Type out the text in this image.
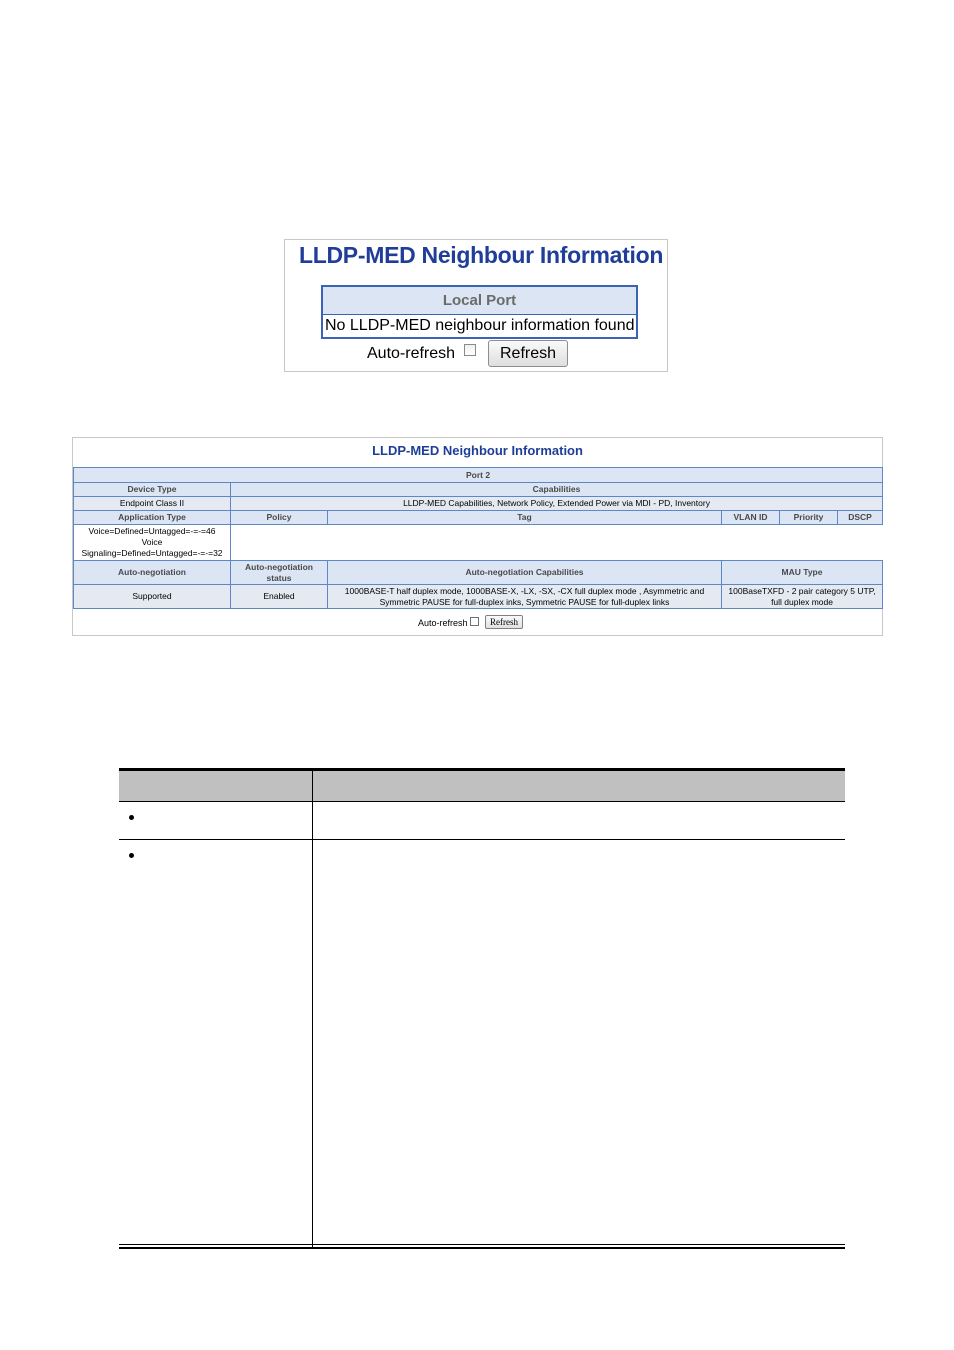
LLDP-MED Neighbour Information
Local Port
No LLDP-MED neighbour information found
Auto-refresh	Refresh
LLDP-MED Neighbour Information
Port 2					
Device Type	Capabilities				
Endpoint Class II	LLDP-MED Capabilities, Network Policy, Extended Power via MDI - PD, Inventory				
Application Type	Policy	Tag	VLAN ID	Priority	DSCP

Voice=Defined=Untagged=-=-=46
Voice
Signaling=Defined=Untagged=-=-=32					

Auto-negotiation	Auto-negotiation status	Auto-negotiation Capabilities	MAU Type		
Supported	Enabled	1000BASE-T half duplex mode, 1000BASE-X, -LX, -SX, -CX full duplex mode , Asymmetric and Symmetric PAUSE for full-duplex inks, Symmetric PAUSE for full-duplex links	100BaseTXFD - 2 pair category 5 UTP, full duplex mode		
Auto-refresh	Refresh
